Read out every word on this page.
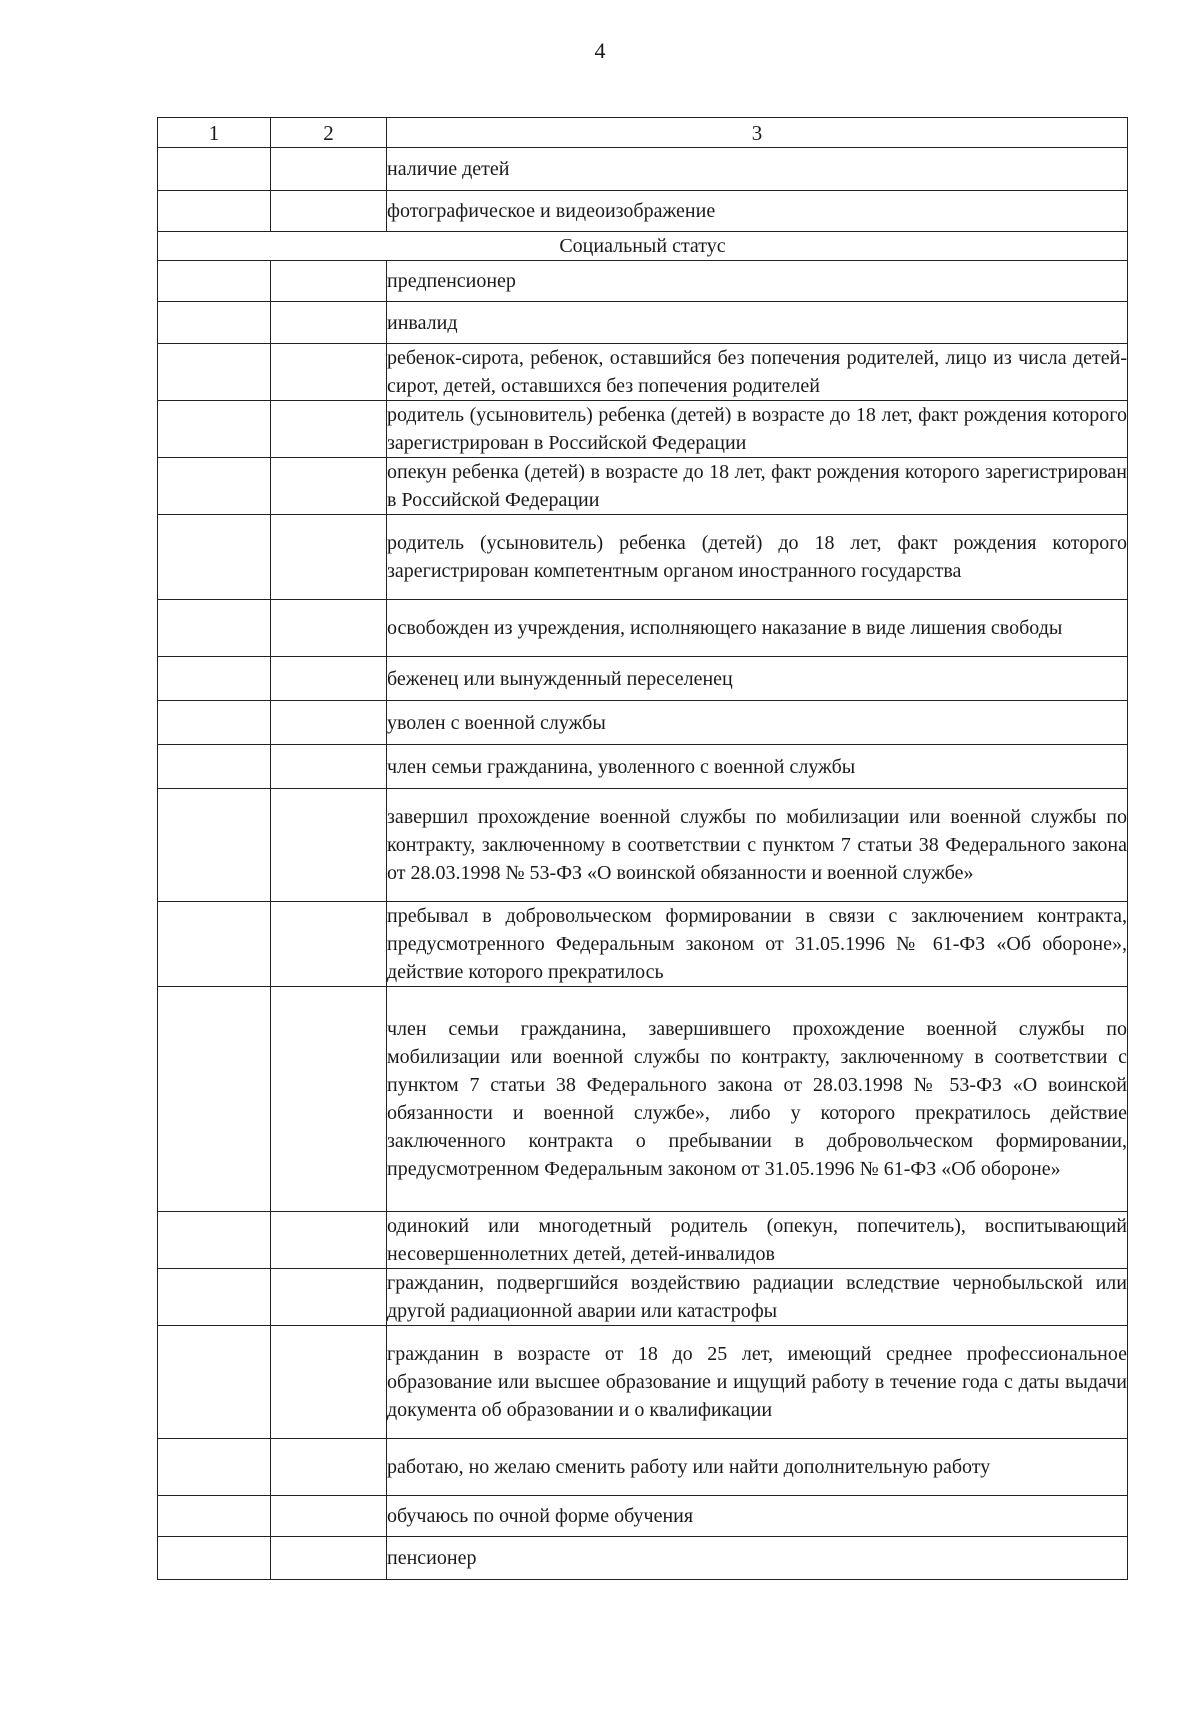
4
1	2	3
		наличие детей
		фотографическое и видеоизображение
Социальный статус		
		предпенсионер
		инвалид
		ребенок-сирота, ребенок, оставшийся без попечения родителей, лицо из числа детей-сирот, детей, оставшихся без попечения родителей
		родитель (усыновитель) ребенка (детей) в возрасте до 18 лет, факт рождения которого зарегистрирован в Российской Федерации
		опекун ребенка (детей) в возрасте до 18 лет, факт рождения которого зарегистрирован в Российской Федерации
		родитель (усыновитель) ребенка (детей) до 18 лет, факт рождения которого зарегистрирован компетентным органом иностранного государства
		освобожден из учреждения, исполняющего наказание в виде лишения свободы
		беженец или вынужденный переселенец
		уволен с военной службы
		член семьи гражданина, уволенного с военной службы
		завершил прохождение военной службы по мобилизации или военной службы по контракту, заключенному в соответствии с пунктом 7 статьи 38 Федерального закона от 28.03.1998 № 53-ФЗ «О воинской обязанности и военной службе»
		пребывал в добровольческом формировании в связи с заключением контракта, предусмотренного Федеральным законом от 31.05.1996 № 61-ФЗ «Об обороне», действие которого прекратилось
		член семьи гражданина, завершившего прохождение военной службы по мобилизации или военной службы по контракту, заключенному в соответствии с пунктом 7 статьи 38 Федерального закона от 28.03.1998 № 53-ФЗ «О воинской обязанности и военной службе», либо у которого прекратилось действие заключенного контракта о пребывании в добровольческом формировании, предусмотренном Федеральным законом от 31.05.1996 № 61-ФЗ «Об обороне»
		одинокий или многодетный родитель (опекун, попечитель), воспитывающий несовершеннолетних детей, детей-инвалидов
		гражданин, подвергшийся воздействию радиации вследствие чернобыльской или другой радиационной аварии или катастрофы
		гражданин в возрасте от 18 до 25 лет, имеющий среднее профессиональное образование или высшее образование и ищущий работу в течение года с даты выдачи документа об образовании и о квалификации
		работаю, но желаю сменить работу или найти дополнительную работу
		обучаюсь по очной форме обучения
		пенсионер
